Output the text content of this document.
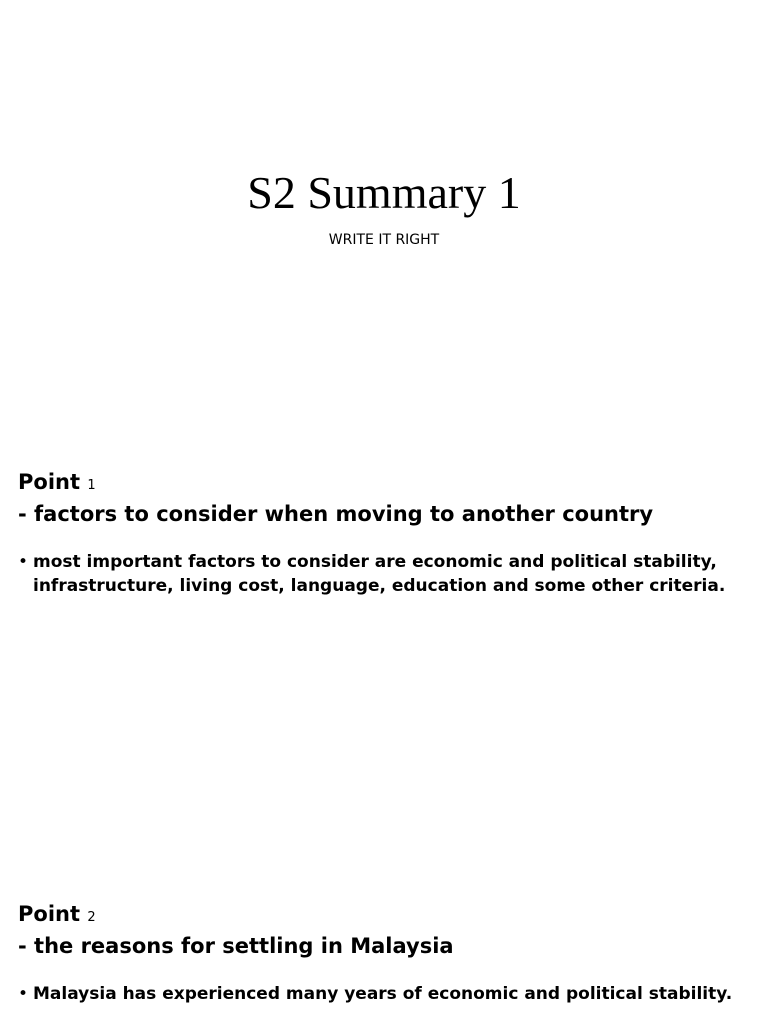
S2 Summary 1
WRITE IT RIGHT
Point 1
- factors to consider when moving to another country
• most important factors to consider are economic and political stability, infrastructure, living cost, language, education and some other criteria.
Point 2
- the reasons for settling in Malaysia
• Malaysia has experienced many years of economic and political stability.
